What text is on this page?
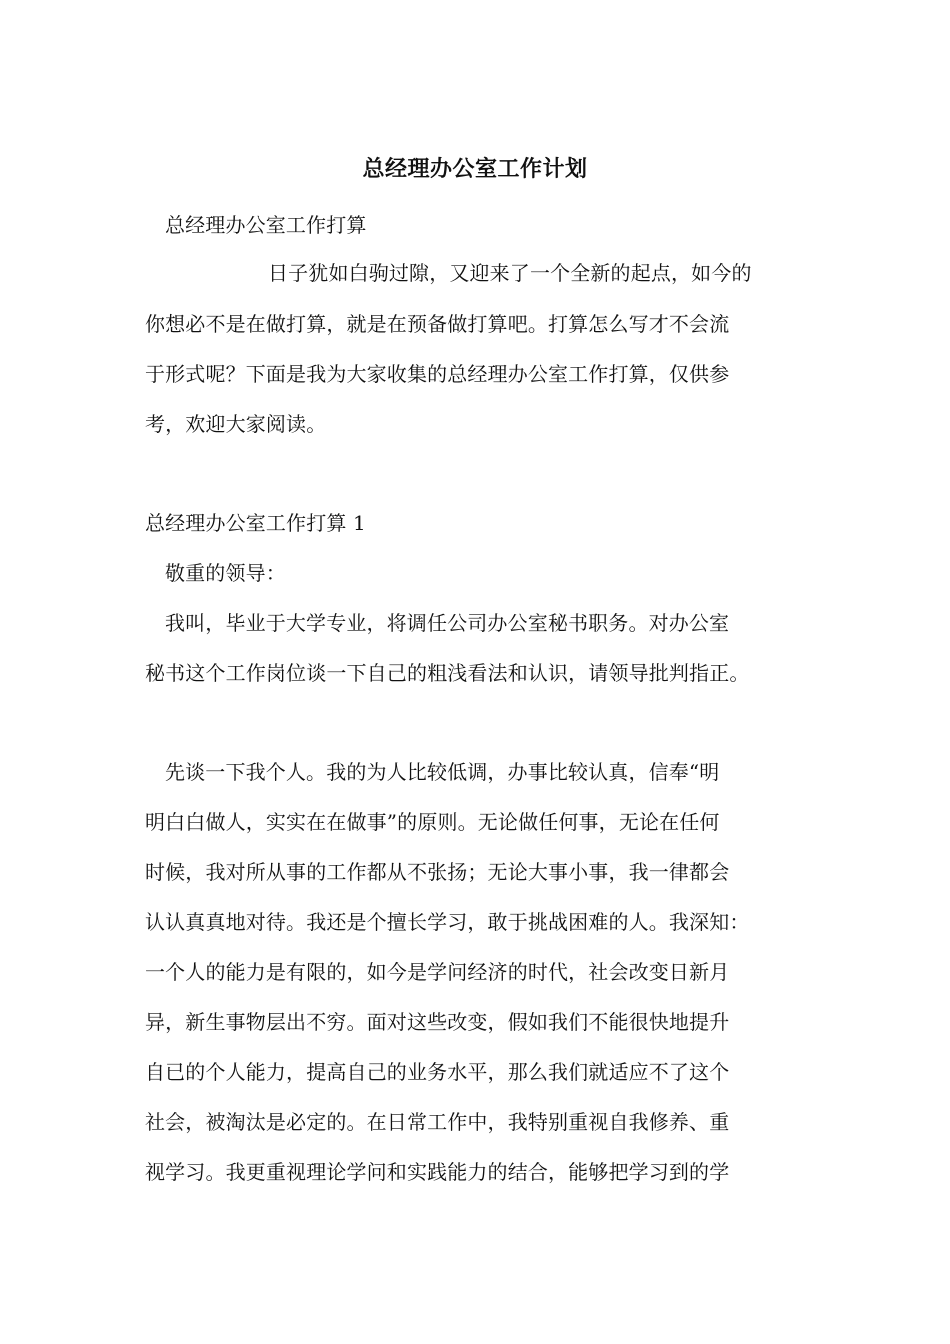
总经理办公室工作计划
总经理办公室工作打算
日子犹如白驹过隙，又迎来了一个全新的起点，如今的
你想必不是在做打算，就是在预备做打算吧。打算怎么写才不会流
于形式呢？下面是我为大家收集的总经理办公室工作打算，仅供参
考，欢迎大家阅读。
总经理办公室工作打算 1
敬重的领导：
我叫，毕业于大学专业，将调任公司办公室秘书职务。对办公室
秘书这个工作岗位谈一下自己的粗浅看法和认识，请领导批判指正。
先谈一下我个人。我的为人比较低调，办事比较认真，信奉“明
明白白做人，实实在在做事”的原则。无论做任何事，无论在任何
时候，我对所从事的工作都从不张扬；无论大事小事，我一律都会
认认真真地对待。我还是个擅长学习，敢于挑战困难的人。我深知：
一个人的能力是有限的，如今是学问经济的时代，社会改变日新月
异，新生事物层出不穷。面对这些改变，假如我们不能很快地提升
自已的个人能力，提高自己的业务水平，那么我们就适应不了这个
社会，被淘汰是必定的。在日常工作中，我特别重视自我修养、重
视学习。我更重视理论学问和实践能力的结合，能够把学习到的学
